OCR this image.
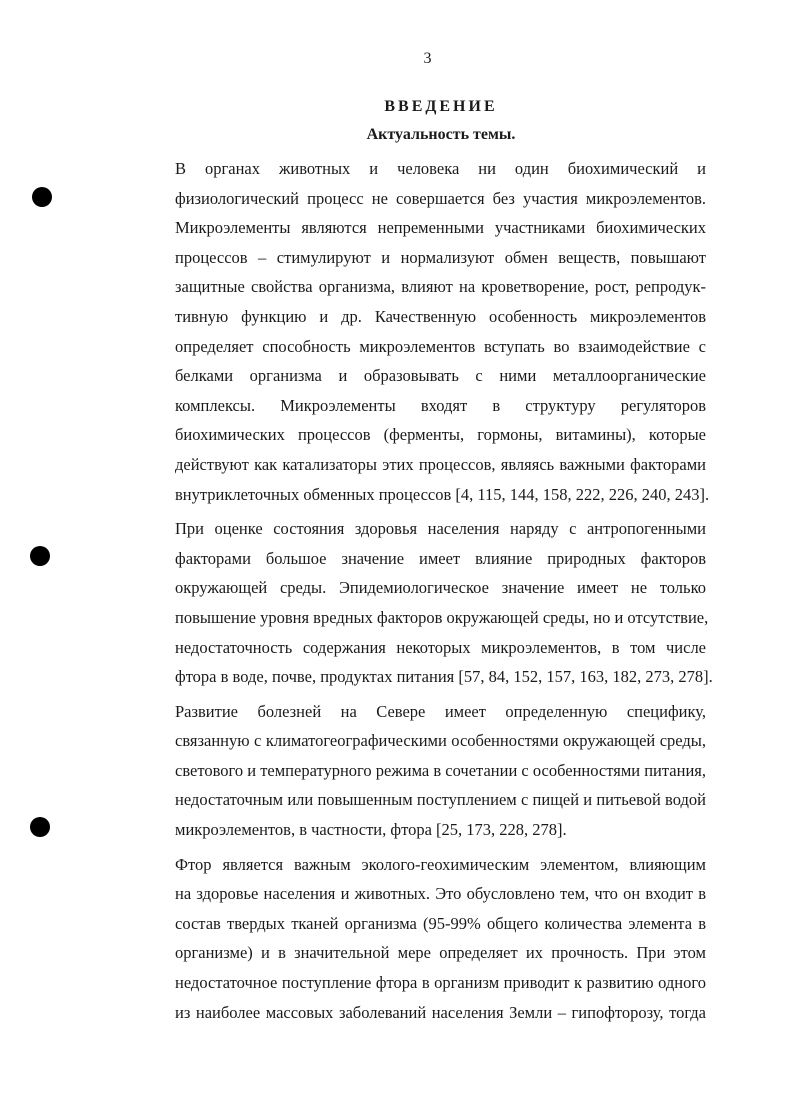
3
ВВЕДЕНИЕ
Актуальность темы.
В органах животных и человека ни один биохимический и
физиологический процесс не совершается без участия микроэлементов.
Микроэлементы являются непременными участниками биохимических
процессов – стимулируют и нормализуют обмен веществ, повышают
защитные свойства организма, влияют на кроветворение, рост, репродук-
тивную функцию и др. Качественную особенность микроэлементов
определяет способность микроэлементов вступать во взаимодействие с
белками организма и образовывать с ними металлоорганические
комплексы. Микроэлементы входят в структуру регуляторов
биохимических процессов (ферменты, гормоны, витамины), которые
действуют как катализаторы этих процессов, являясь важными факторами
внутриклеточных обменных процессов [4, 115, 144, 158, 222, 226, 240, 243].
При оценке состояния здоровья населения наряду с антропогенными
факторами большое значение имеет влияние природных факторов
окружающей среды. Эпидемиологическое значение имеет не только
повышение уровня вредных факторов окружающей среды, но и отсутствие,
недостаточность содержания некоторых микроэлементов, в том числе
фтора в воде, почве, продуктах питания [57, 84, 152, 157, 163, 182, 273, 278].
Развитие болезней на Севере имеет определенную специфику,
связанную с климатогеографическими особенностями окружающей среды,
светового и температурного режима в сочетании с особенностями питания,
недостаточным или повышенным поступлением с пищей и питьевой водой
микроэлементов, в частности, фтора [25, 173, 228, 278].
Фтор является важным эколого-геохимическим элементом, влияющим
на здоровье населения и животных. Это обусловлено тем, что он входит в
состав твердых тканей организма (95-99% общего количества элемента в
организме) и в значительной мере определяет их прочность. При этом
недостаточное поступление фтора в организм приводит к развитию одного
из наиболее массовых заболеваний населения Земли – гипофторозу, тогда
